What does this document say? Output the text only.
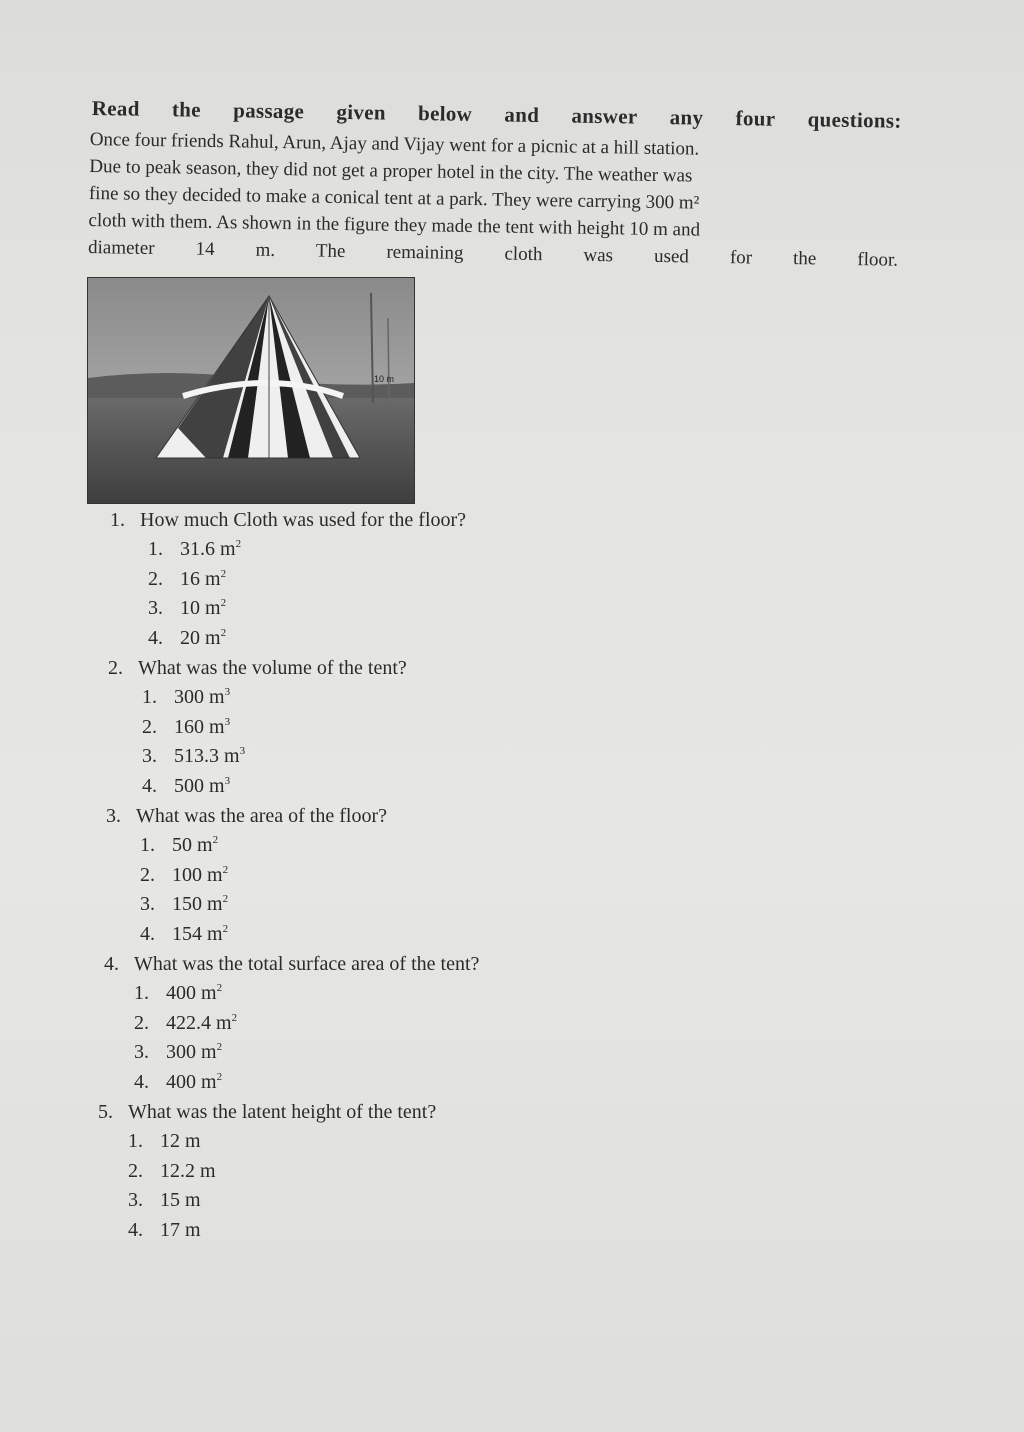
Read the passage given below and answer any four questions:
Once four friends Rahul, Arun, Ajay and Vijay went for a picnic at a hill station.
Due to peak season, they did not get a proper hotel in the city. The weather was
fine so they decided to make a conical tent at a park. They were carrying 300 m²
cloth with them. As shown in the figure they made the tent with height 10 m and
diameter 14 m. The remaining cloth was used for the floor.
10 m
1. How much Cloth was used for the floor?
1. 31.6 $m^2$
2. 16 $m^2$
3. 10 $m^2$
4. 20 $m^2$
2. What was the volume of the tent?
1. 300 $m^3$
2. 160 $m^3$
3. 513.3 $m^3$
4. 500 $m^3$
3. What was the area of the floor?
1. 50 $m^2$
2. 100 $m^2$
3. 150 $m^2$
4. 154 $m^2$
4. What was the total surface area of the tent?
1. 400 $m^2$
2. 422.4 $m^2$
3. 300 $m^2$
4. 400 $m^2$
5. What was the latent height of the tent?
1. 12 m
2. 12.2 m
3. 15 m
4. 17 m
